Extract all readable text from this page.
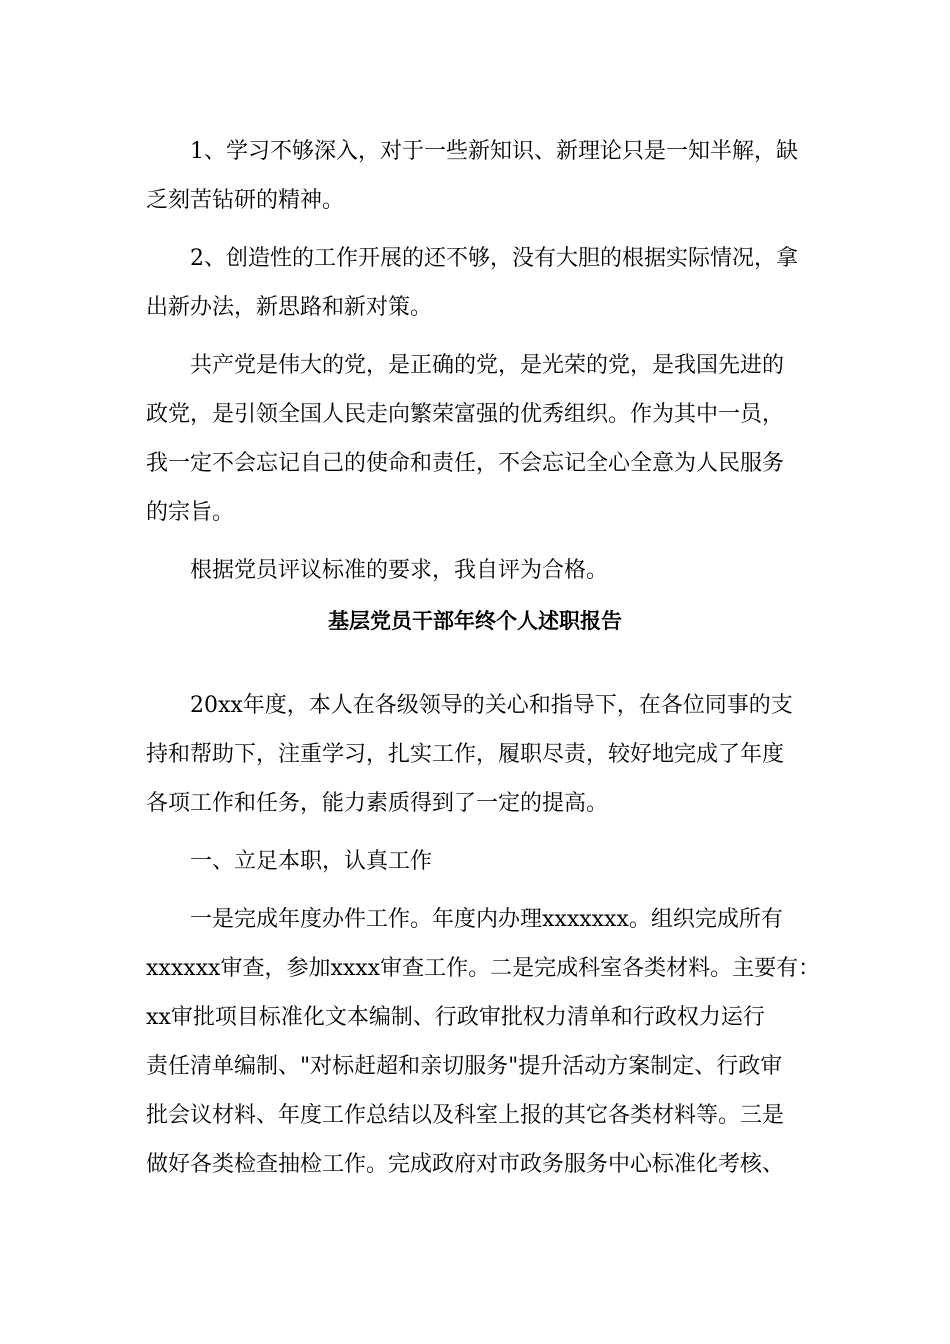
1、学习不够深入，对于一些新知识、新理论只是一知半解，缺
乏刻苦钻研的精神。
2、创造性的工作开展的还不够，没有大胆的根据实际情况，拿
出新办法，新思路和新对策。
共产党是伟大的党，是正确的党，是光荣的党，是我国先进的
政党，是引领全国人民走向繁荣富强的优秀组织。作为其中一员，
我一定不会忘记自己的使命和责任，不会忘记全心全意为人民服务
的宗旨。
根据党员评议标准的要求，我自评为合格。
基层党员干部年终个人述职报告
20xx年度，本人在各级领导的关心和指导下，在各位同事的支
持和帮助下，注重学习，扎实工作，履职尽责，较好地完成了年度
各项工作和任务，能力素质得到了一定的提高。
一、立足本职，认真工作
一是完成年度办件工作。年度内办理xxxxxxx。组织完成所有
xxxxxx审查，参加xxxx审查工作。二是完成科室各类材料。主要有：
xx审批项目标准化文本编制、行政审批权力清单和行政权力运行
责任清单编制、"对标赶超和亲切服务"提升活动方案制定、行政审
批会议材料、年度工作总结以及科室上报的其它各类材料等。三是
做好各类检查抽检工作。完成政府对市政务服务中心标准化考核、
